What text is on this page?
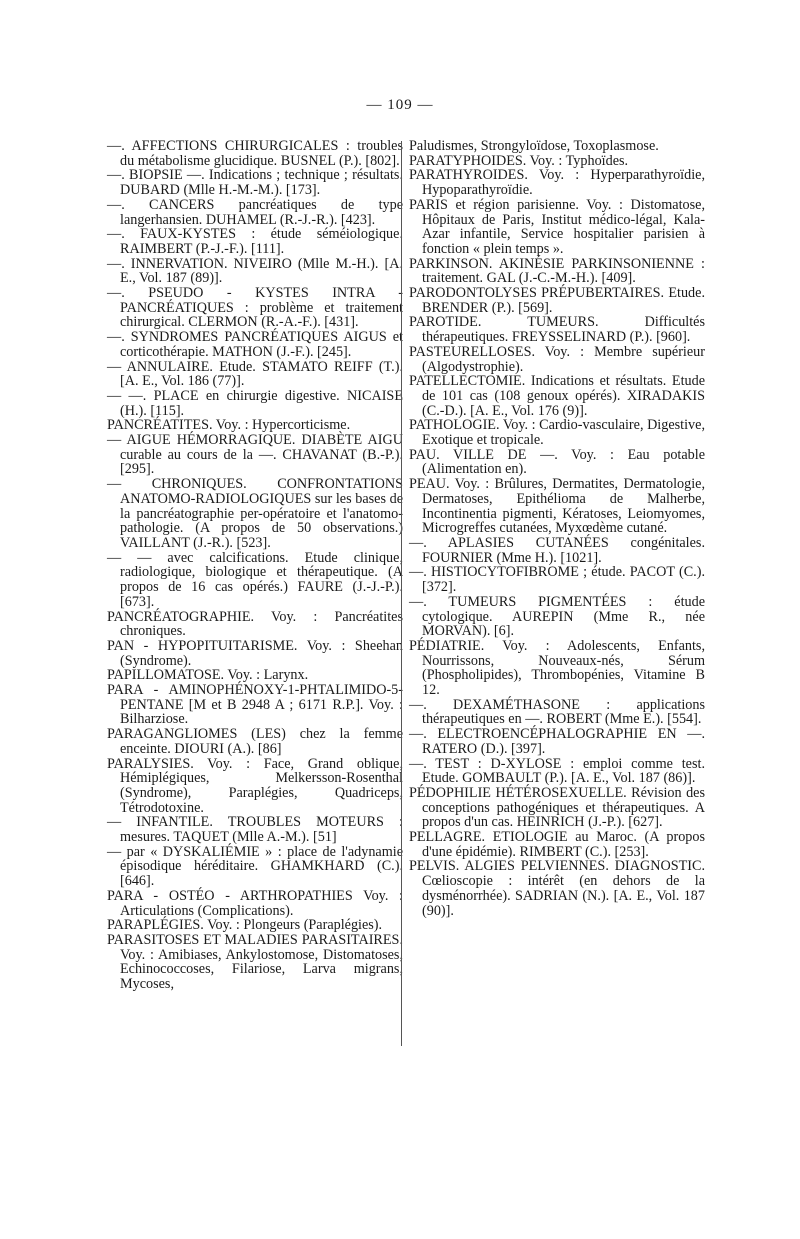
— 109 —

—. AFFECTIONS CHIRURGICALES : troubles du métabolisme glucidique. BUSNEL (P.). [802].

—. BIOPSIE —. Indications ; technique ; résultats. DUBARD (Mlle H.-M.-M.). [173].

—. CANCERS pancréatiques de type langerhansien. DUHAMEL (R.-J.-R.). [423].

—. FAUX-KYSTES : étude séméiologique. RAIMBERT (P.-J.-F.). [111].

—. INNERVATION. NIVEIRO (Mlle M.-H.). [A. E., Vol. 187 (89)].

—. PSEUDO - KYSTES INTRA - PANCRÉATIQUES : problème et traitement chirurgical. CLERMON (R.-A.-F.). [431].

—. SYNDROMES PANCRÉATIQUES AIGUS et corticothérapie. MATHON (J.-F.). [245].

— ANNULAIRE. Etude. STAMATO REIFF (T.). [A. E., Vol. 186 (77)].

— —. PLACE en chirurgie digestive. NICAISE (H.). [115].

PANCRÉATITES. Voy. : Hypercorticisme.

— AIGUE HÉMORRAGIQUE. DIABÈTE AIGU curable au cours de la —. CHAVANAT (B.-P.). [295].

— CHRONIQUES. CONFRONTATIONS ANATOMO-RADIOLOGIQUES sur les bases de la pancréatographie per-opératoire et l'anatomo-pathologie. (A propos de 50 observations.) VAILLANT (J.-R.). [523].

— — avec calcifications. Etude clinique, radiologique, biologique et thérapeutique. (A propos de 16 cas opérés.) FAURE (J.-J.-P.). [673].

PANCRÉATOGRAPHIE. Voy. : Pancréatites chroniques.

PAN - HYPOPITUITARISME. Voy. : Sheehan (Syndrome).

PAPILLOMATOSE. Voy. : Larynx.

PARA - AMINOPHÉNOXY-1-PHTALIMIDO-5-PENTANE [M et B 2948 A ; 6171 R.P.]. Voy. : Bilharziose.

PARAGANGLIOMES (LES) chez la femme enceinte. DIOURI (A.). [86]

PARALYSIES. Voy. : Face, Grand oblique, Hémiplégiques, Melkersson-Rosenthal (Syndrome), Paraplégies, Quadriceps, Tétrodotoxine.

— INFANTILE. TROUBLES MOTEURS : mesures. TAQUET (Mlle A.-M.). [51]

— par « DYSKALIÉMIE » : place de l'adynamie épisodique héréditaire. GHAMKHARD (C.). [646].

PARA - OSTÉO - ARTHROPATHIES Voy. : Articulations (Complications).

PARAPLÉGIES. Voy. : Plongeurs (Paraplégies).

PARASITOSES ET MALADIES PARASITAIRES. Voy. : Amibiases, Ankylostomose, Distomatoses, Echinococcoses, Filariose, Larva migrans, Mycoses,

Paludismes, Strongyloïdose, Toxoplasmose.

PARATYPHOIDES. Voy. : Typhoïdes.

PARATHYROIDES. Voy. : Hyperparathyroïdie, Hypoparathyroïdie.

PARIS et région parisienne. Voy. : Distomatose, Hôpitaux de Paris, Institut médico-légal, Kala-Azar infantile, Service hospitalier parisien à fonction « plein temps ».

PARKINSON. AKINÉSIE PARKINSONIENNE : traitement. GAL (J.-C.-M.-H.). [409].

PARODONTOLYSES PRÉPUBERTAIRES. Etude. BRENDER (P.). [569].

PAROTIDE. TUMEURS. Difficultés thérapeutiques. FREYSSELINARD (P.). [960].

PASTEURELLOSES. Voy. : Membre supérieur (Algodystrophie).

PATELLECTOMIE. Indications et résultats. Etude de 101 cas (108 genoux opérés). XIRADAKIS (C.-D.). [A. E., Vol. 176 (9)].

PATHOLOGIE. Voy. : Cardio-vasculaire, Digestive, Exotique et tropicale.

PAU. VILLE DE —. Voy. : Eau potable (Alimentation en).

PEAU. Voy. : Brûlures, Dermatites, Dermatologie, Dermatoses, Epithélioma de Malherbe, Incontinentia pigmenti, Kératoses, Leiomyomes, Microgreffes cutanées, Myxœdème cutané.

—. APLASIES CUTANÉES congénitales. FOURNIER (Mme H.). [1021].

—. HISTIOCYTOFIBROME ; étude. PACOT (C.). [372].

—. TUMEURS PIGMENTÉES : étude cytologique. AUREPIN (Mme R., née MORVAN). [6].

PÉDIATRIE. Voy. : Adolescents, Enfants, Nourrissons, Nouveaux-nés, Sérum (Phospholipides), Thrombopénies, Vitamine B 12.

—. DEXAMÉTHASONE : applications thérapeutiques en —. ROBERT (Mme E.). [554].

—. ELECTROENCÉPHALOGRAPHIE EN —. RATERO (D.). [397].

—. TEST : D-XYLOSE : emploi comme test. Etude. GOMBAULT (P.). [A. E., Vol. 187 (86)].

PÉDOPHILIE HÉTÉROSEXUELLE. Révision des conceptions pathogéniques et thérapeutiques. A propos d'un cas. HEINRICH (J.-P.). [627].

PELLAGRE. ETIOLOGIE au Maroc. (A propos d'une épidémie). RIMBERT (C.). [253].

PELVIS. ALGIES PELVIENNES. DIAGNOSTIC. Cœlioscopie : intérêt (en dehors de la dysménorrhée). SADRIAN (N.). [A. E., Vol. 187 (90)].
